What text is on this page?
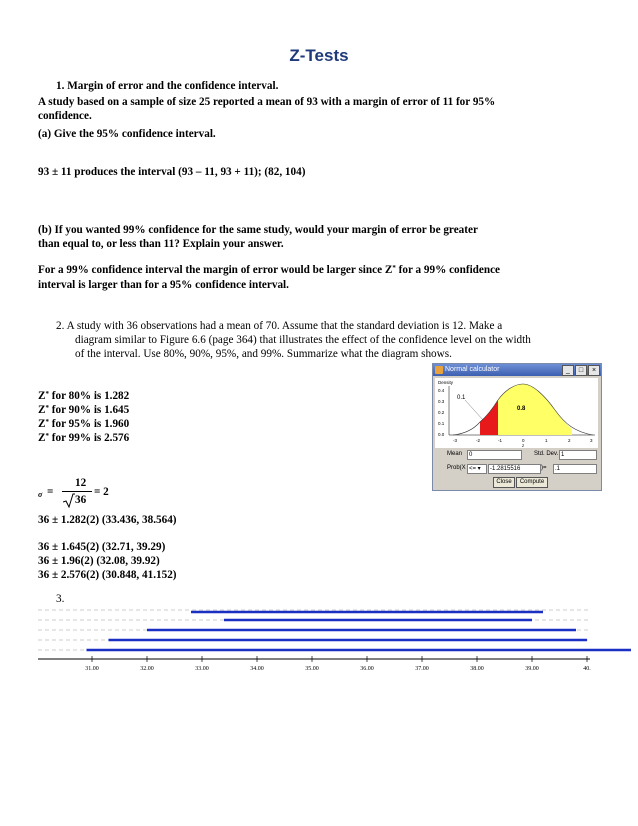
Z-Tests
1. Margin of error and the confidence interval.
A study based on a sample of size 25 reported a mean of 93 with a margin of error of 11 for 95%
confidence.
(a) Give the 95% confidence interval.
93 ± 11 produces the interval (93 – 11, 93 + 11); (82, 104)
(b) If you wanted 99% confidence for the same study, would your margin of error be greater
than equal to, or less than 11? Explain your answer.
For a 99% confidence interval the margin of error would be larger since Z* for a 99% confidence
interval is larger than for a 95% confidence interval.
2. A study with 36 observations had a mean of 70. Assume that the standard deviation is 12. Make a
diagram similar to Figure 6.6 (page 364) that illustrates the effect of the confidence level on the width
of the interval. Use 80%, 90%, 95%, and 99%. Summarize what the diagram shows.
Z* for 80% is 1.282
Z* for 90% is 1.645
Z* for 95% is 1.960
Z* for 99% is 2.576
σ =
12
36
= 2
36 ± 1.282(2) (33.436, 38.564)
36 ± 1.645(2) (32.71, 39.29)
36 ± 1.96(2) (32.08, 39.92)
36 ± 2.576(2) (30.848, 41.152)
Normal calculator	_	□	×
Density
0.4
0.3
0.2
0.1
0.0
0.1
0.8
-3	-2	-1	0	1	2	3
z
Mean	0	Std. Dev. 1
Prob(X <= ▾	-1.2815516	)=	.1
Close	Compute
3.
31.00	32.00	33.00	34.00	35.00	36.00	37.00	38.00	39.00	40.
